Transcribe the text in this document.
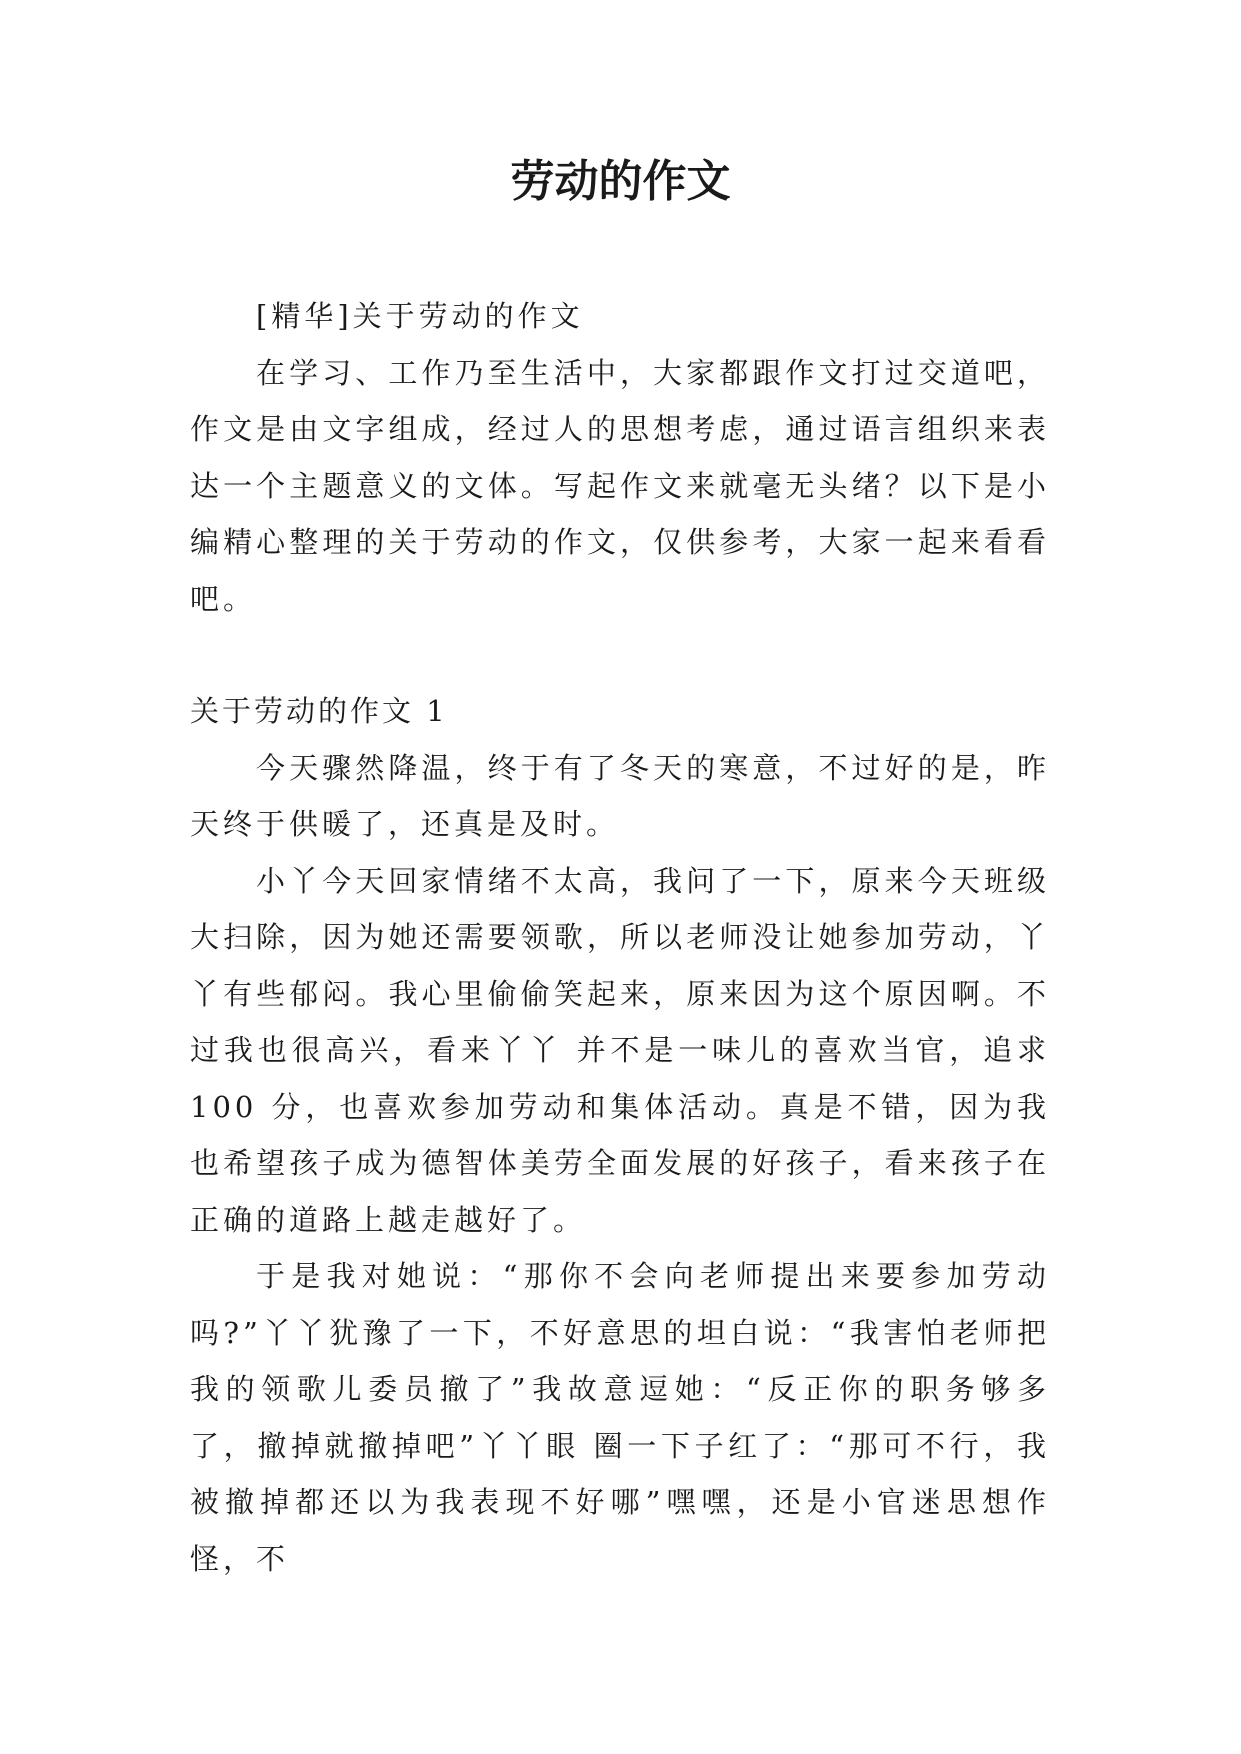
劳动的作文

[精华]关于劳动的作文

在学习、工作乃至生活中，大家都跟作文打过交道吧，作文是由文字组成，经过人的思想考虑，通过语言组织来表达一个主题意义的文体。写起作文来就毫无头绪？以下是小编精心整理的关于劳动的作文，仅供参考，大家一起来看看吧。

关于劳动的作文 1

今天骤然降温，终于有了冬天的寒意，不过好的是，昨天终于供暖了，还真是及时。

小丫今天回家情绪不太高，我问了一下，原来今天班级大扫除，因为她还需要领歌，所以老师没让她参加劳动，丫丫有些郁闷。我心里偷偷笑起来，原来因为这个原因啊。不过我也很高兴，看来丫丫 并不是一味儿的喜欢当官，追求 100 分，也喜欢参加劳动和集体活动。真是不错，因为我也希望孩子成为德智体美劳全面发展的好孩子，看来孩子在正确的道路上越走越好了。

于是我对她说：“那你不会向老师提出来要参加劳动吗?”丫丫犹豫了一下，不好意思的坦白说：“我害怕老师把我的领歌儿委员撤了”我故意逗她：“反正你的职务够多了，撤掉就撤掉吧”丫丫眼 圈一下子红了：“那可不行，我被撤掉都还以为我表现不好哪”嘿嘿，还是小官迷思想作怪，不
